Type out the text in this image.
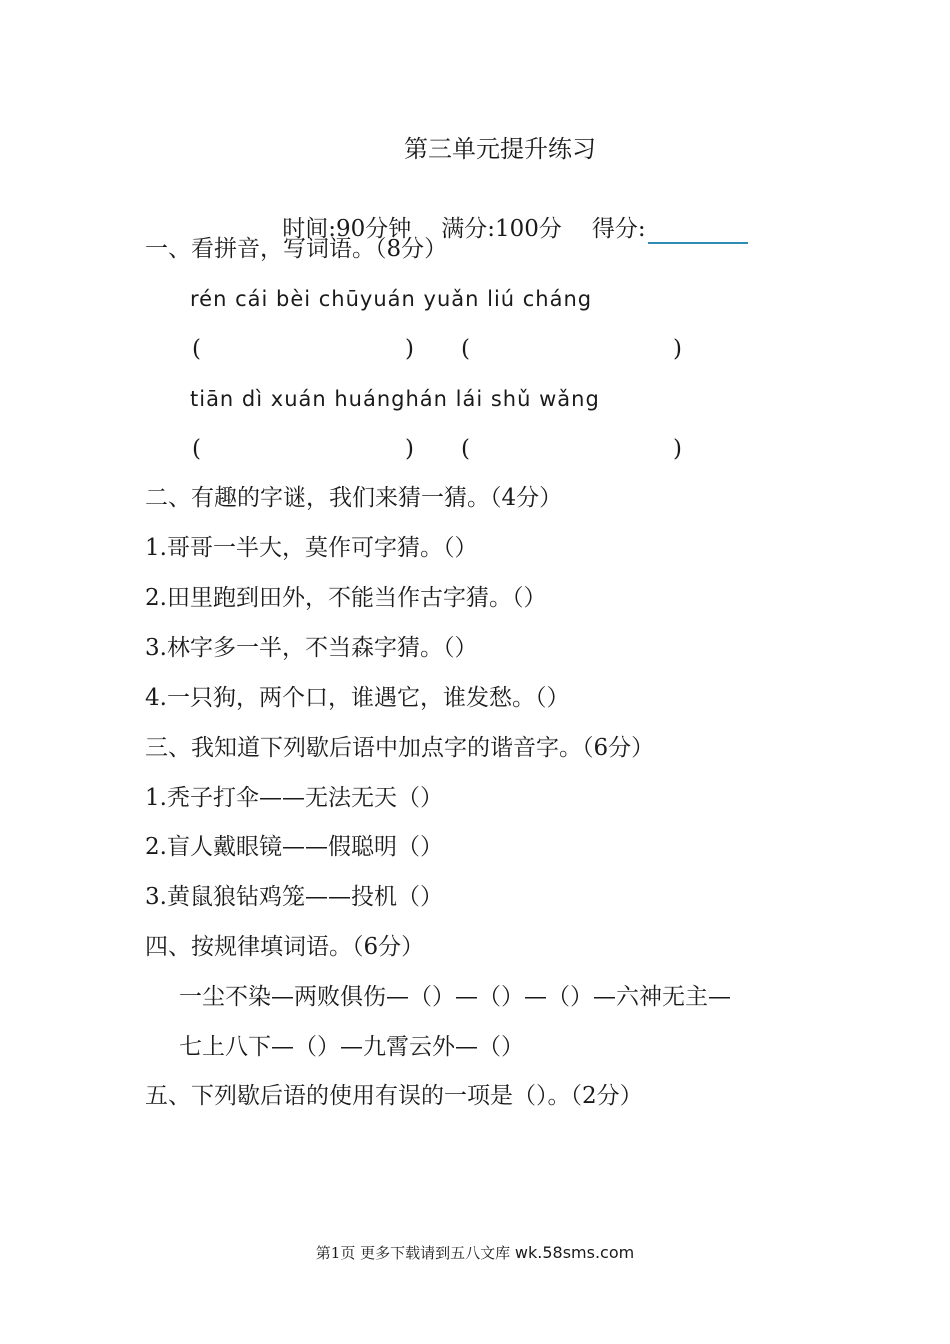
第三单元提升练习

时间:90分钟 满分:100分 得分:

一、看拼音，写词语。（8分）
rén cái bèi chūyuán yuǎn liú cháng
(	) (	)
tiān dì xuán huánghán lái shǔ wǎng
(	) (	)
二、有趣的字谜，我们来猜一猜。（4分）
1.哥哥一半大，莫作可字猜。（）
2.田里跑到田外，不能当作古字猜。（）
3.林字多一半，不当森字猜。（）
4.一只狗，两个口，谁遇它，谁发愁。（）
三、我知道下列歇后语中加点字的谐音字。（6分）
1.秃子打伞——无法无天（）
2.盲人戴眼镜——假聪明（）
3.黄鼠狼钻鸡笼——投机（）
四、按规律填词语。（6分）
一尘不染—两败俱伤—（）—（）—（）—六神无主—
七上八下—（）—九霄云外—（）
五、下列歇后语的使用有误的一项是（）。（2分）
第1页 更多下载请到五八文库 wk.58sms.com
